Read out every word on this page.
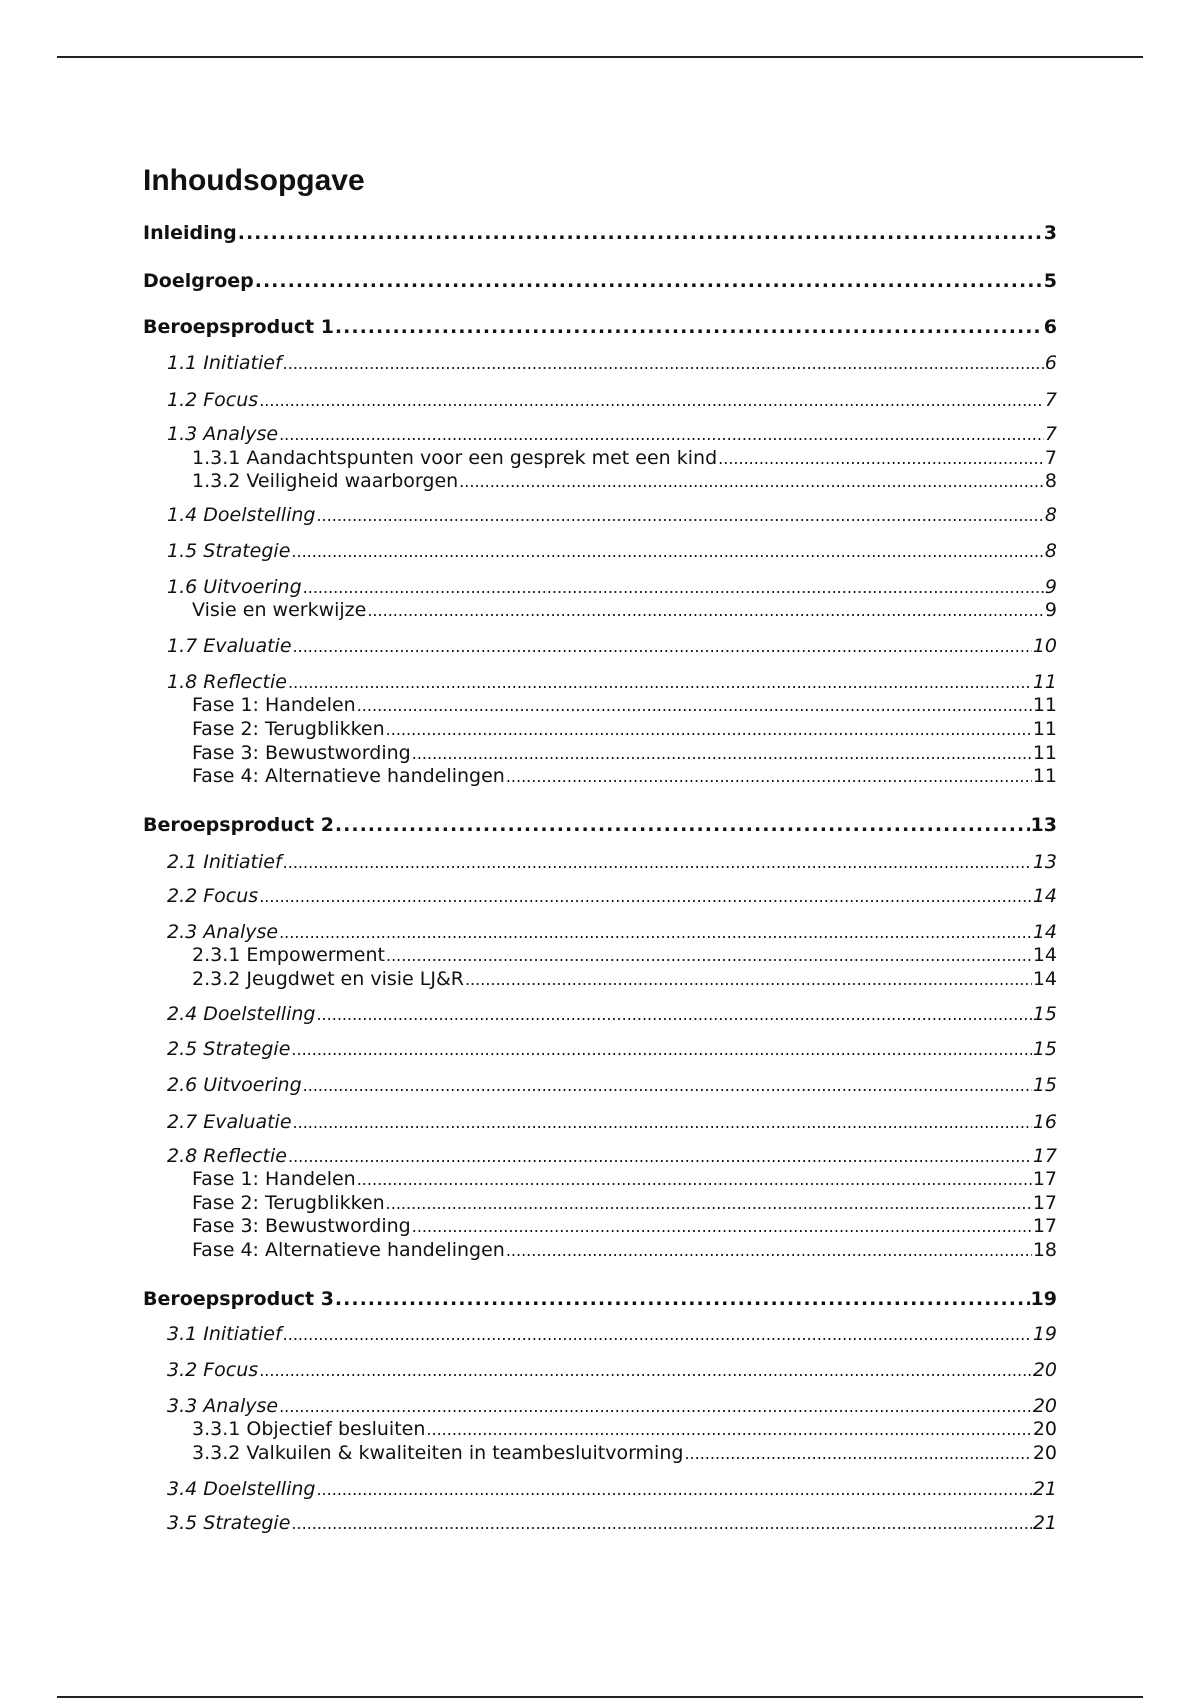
Inhoudsopgave
Inleiding .....	3
Doelgroep .....	5
Beroepsproduct 1 .....	6
1.1 Initiatief .....	6
1.2 Focus .....	7
1.3 Analyse .....	7
1.3.1 Aandachtspunten voor een gesprek met een kind .....	7
1.3.2 Veiligheid waarborgen .....	8
1.4 Doelstelling .....	8
1.5 Strategie .....	8
1.6 Uitvoering .....	9
Visie en werkwijze .....	9
1.7 Evaluatie .....	10
1.8 Reflectie .....	11
Fase 1: Handelen .....	11
Fase 2: Terugblikken .....	11
Fase 3: Bewustwording .....	11
Fase 4: Alternatieve handelingen .....	11
Beroepsproduct 2 .....	13
2.1 Initiatief .....	13
2.2 Focus .....	14
2.3 Analyse .....	14
2.3.1 Empowerment .....	14
2.3.2 Jeugdwet en visie LJ&R .....	14
2.4 Doelstelling .....	15
2.5 Strategie .....	15
2.6 Uitvoering .....	15
2.7 Evaluatie .....	16
2.8 Reflectie .....	17
Fase 1: Handelen .....	17
Fase 2: Terugblikken .....	17
Fase 3: Bewustwording .....	17
Fase 4: Alternatieve handelingen .....	18
Beroepsproduct 3 .....	19
3.1 Initiatief .....	19
3.2 Focus .....	20
3.3 Analyse .....	20
3.3.1 Objectief besluiten .....	20
3.3.2 Valkuilen & kwaliteiten in teambesluitvorming .....	20
3.4 Doelstelling .....	21
3.5 Strategie .....	21
